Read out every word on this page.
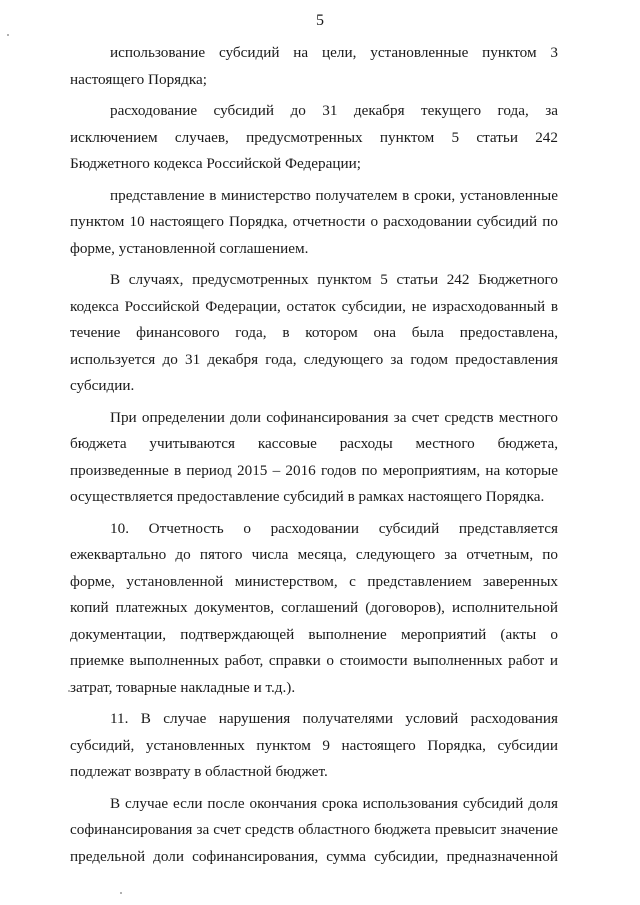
5

использование субсидий на цели, установленные пунктом 3
настоящего Порядка;

расходование субсидий до 31 декабря текущего года, за
исключением случаев, предусмотренных пунктом 5 статьи 242
Бюджетного кодекса Российской Федерации;

представление в министерство получателем в сроки, установленные
пунктом 10 настоящего Порядка, отчетности о расходовании субсидий по
форме, установленной соглашением.

В случаях, предусмотренных пунктом 5 статьи 242 Бюджетного
кодекса Российской Федерации, остаток субсидии, не израсходованный в
течение финансового года, в котором она была предоставлена,
используется до 31 декабря года, следующего за годом предоставления
субсидии.

При определении доли софинансирования за счет средств местного
бюджета учитываются кассовые расходы местного бюджета,
произведенные в период 2015 – 2016 годов по мероприятиям, на которые
осуществляется предоставление субсидий в рамках настоящего Порядка.

10. Отчетность о расходовании субсидий представляется
ежеквартально до пятого числа месяца, следующего за отчетным, по
форме, установленной министерством, с представлением заверенных
копий платежных документов, соглашений (договоров), исполнительной
документации, подтверждающей выполнение мероприятий (акты о
приемке выполненных работ, справки о стоимости выполненных работ и
затрат, товарные накладные и т.д.).

11. В случае нарушения получателями условий расходования
субсидий, установленных пунктом 9 настоящего Порядка, субсидии
подлежат возврату в областной бюджет.

В случае если после окончания срока использования субсидий доля
софинансирования за счет средств областного бюджета превысит значение
предельной доли софинансирования, сумма субсидии, предназначенной
